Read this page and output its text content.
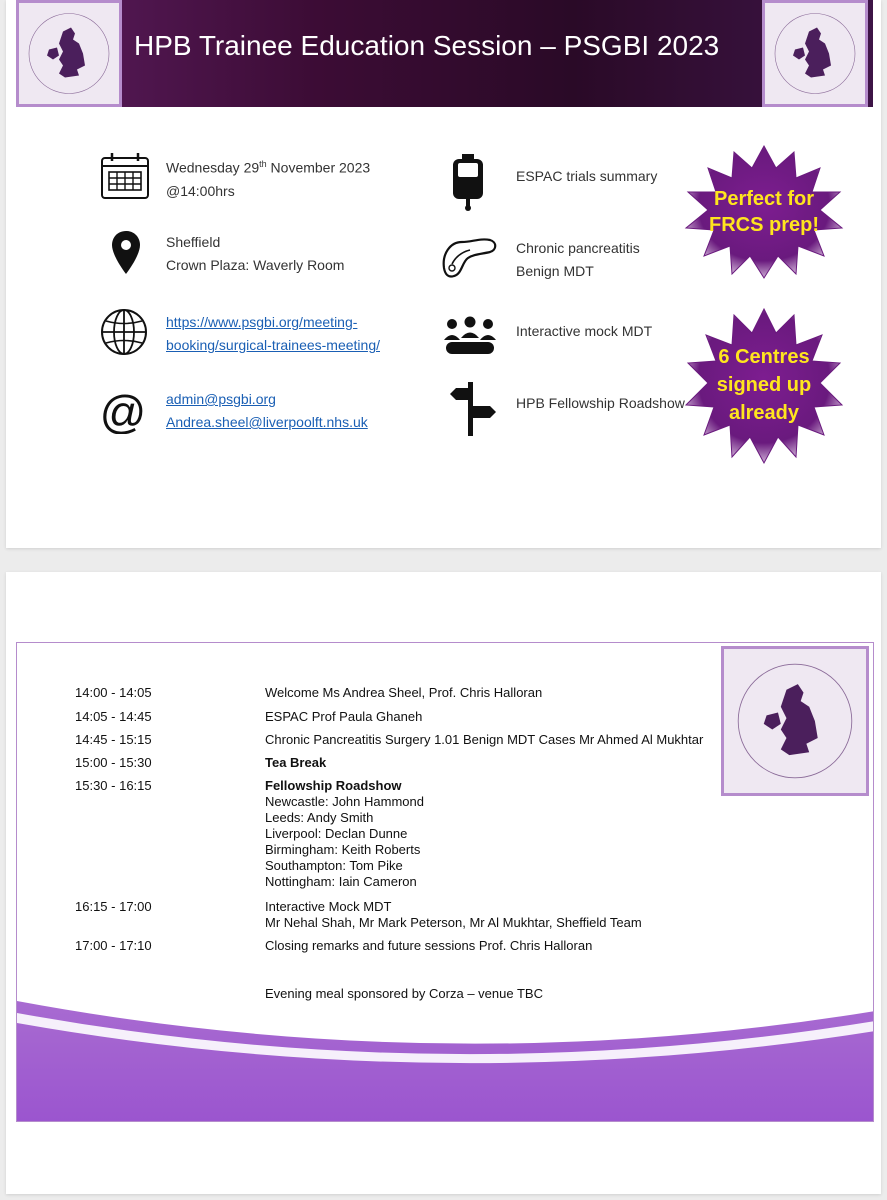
HPB Trainee Education Session – PSGBI 2023
Wednesday 29th November 2023
@14:00hrs
Sheffield
Crown Plaza: Waverly Room
https://www.psgbi.org/meeting-
booking/surgical-trainees-meeting/
@ admin@psgbi.org
Andrea.sheel@liverpoolft.nhs.uk
ESPAC trials summary
Chronic pancreatitis
Benign MDT
Interactive mock MDT
HPB Fellowship Roadshow
Perfect for
FRCS prep!
6 Centres
signed up
already
14:00 - 14:05	Welcome Ms Andrea Sheel, Prof. Chris Halloran
14:05 - 14:45	ESPAC Prof Paula Ghaneh
14:45 - 15:15	Chronic Pancreatitis Surgery 1.01 Benign MDT Cases Mr Ahmed Al Mukhtar
15:00 - 15:30	Tea Break
15:30 - 16:15	Fellowship Roadshow
Newcastle: John Hammond
Leeds: Andy Smith
Liverpool: Declan Dunne
Birmingham: Keith Roberts
Southampton: Tom Pike
Nottingham: Iain Cameron
16:15 - 17:00	Interactive Mock MDT
Mr Nehal Shah, Mr Mark Peterson, Mr Al Mukhtar, Sheffield Team
17:00 - 17:10	Closing remarks and future sessions Prof. Chris Halloran
Evening meal sponsored by Corza – venue TBC
